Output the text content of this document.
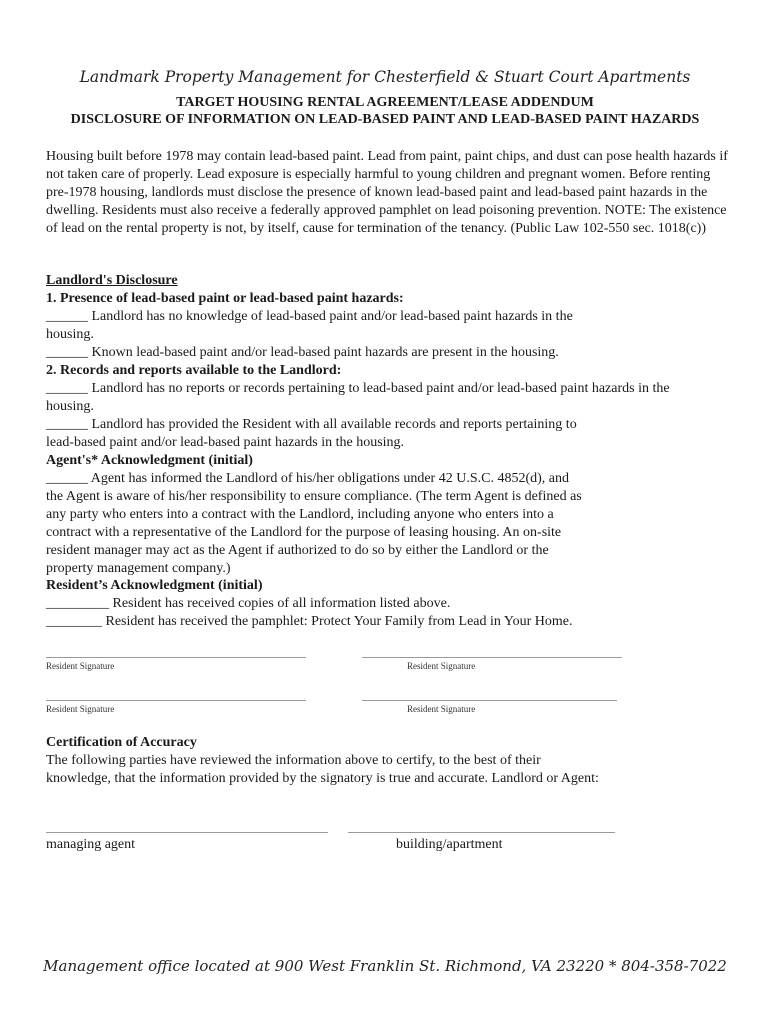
Landmark Property Management for Chesterfield & Stuart Court Apartments
TARGET HOUSING RENTAL AGREEMENT/LEASE ADDENDUM
DISCLOSURE OF INFORMATION ON LEAD-BASED PAINT AND LEAD-BASED PAINT HAZARDS
Housing built before 1978 may contain lead-based paint. Lead from paint, paint chips, and dust can pose health hazards if not taken care of properly. Lead exposure is especially harmful to young children and pregnant women. Before renting pre-1978 housing, landlords must disclose the presence of known lead-based paint and lead-based paint hazards in the dwelling. Residents must also receive a federally approved pamphlet on lead poisoning prevention. NOTE: The existence of lead on the rental property is not, by itself, cause for termination of the tenancy. (Public Law 102-550 sec. 1018(c))
Landlord's Disclosure
1. Presence of lead-based paint or lead-based paint hazards:
______ Landlord has no knowledge of lead-based paint and/or lead-based paint hazards in the
housing.
______ Known lead-based paint and/or lead-based paint hazards are present in the housing.
2. Records and reports available to the Landlord:
______ Landlord has no reports or records pertaining to lead-based paint and/or lead-based paint hazards in the
housing.
______ Landlord has provided the Resident with all available records and reports pertaining to
lead-based paint and/or lead-based paint hazards in the housing.
Agent's* Acknowledgment (initial)
______ Agent has informed the Landlord of his/her obligations under 42 U.S.C. 4852(d), and
the Agent is aware of his/her responsibility to ensure compliance. (The term Agent is defined as
any party who enters into a contract with the Landlord, including anyone who enters into a
contract with a representative of the Landlord for the purpose of leasing housing. An on-site
resident manager may act as the Agent if authorized to do so by either the Landlord or the
property management company.)
Resident’s Acknowledgment (initial)
_________ Resident has received copies of all information listed above.
________ Resident has received the pamphlet: Protect Your Family from Lead in Your Home.
Resident Signature	Resident Signature
Resident Signature	Resident Signature
Certification of Accuracy
The following parties have reviewed the information above to certify, to the best of their
knowledge, that the information provided by the signatory is true and accurate. Landlord or Agent:
managing agent	building/apartment
Management office located at 900 West Franklin St. Richmond, VA 23220 * 804-358-7022
